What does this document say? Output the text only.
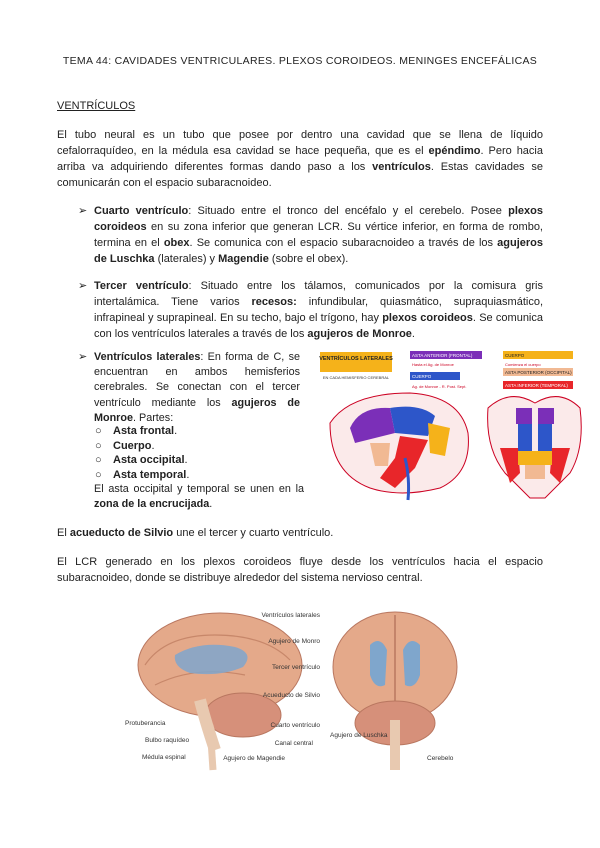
TEMA 44: CAVIDADES VENTRICULARES. PLEXOS COROIDEOS. MENINGES ENCEFÁLICAS
VENTRÍCULOS

El tubo neural es un tubo que posee por dentro una cavidad que se llena de líquido cefalorraquídeo, en la médula esa cavidad se hace pequeña, que es el epéndimo. Pero hacia arriba va adquiriendo diferentes formas dando paso a los ventrículos. Estas cavidades se comunicarán con el espacio subaracnoideo.

➢ Cuarto ventrículo: Situado entre el tronco del encéfalo y el cerebelo. Posee plexos coroideos en su zona inferior que generan LCR. Su vértice inferior, en forma de rombo, termina en el obex. Se comunica con el espacio subaracnoideo a través de los agujeros de Luschka (laterales) y Magendie (sobre el obex).
➢ Tercer ventrículo: Situado entre los tálamos, comunicados por la comisura gris intertalámica. Tiene varios recesos: infundibular, quiasmático, supraquiasmático, infrapineal y suprapineal. En su techo, bajo el trígono, hay plexos coroideos. Se comunica con los ventrículos laterales a través de los agujeros de Monroe.
➢ Ventrículos laterales: En forma de C, se encuentran en ambos hemisferios cerebrales. Se conectan con el tercer ventrículo mediante los agujeros de Monroe. Partes:
○ Asta frontal.
○ Cuerpo.
○ Asta occipital.
○ Asta temporal.

El asta occipital y temporal se unen en la zona de la encrucijada.

El acueducto de Silvio une el tercer y cuarto ventrículo.

El LCR generado en los plexos coroideos fluye desde los ventrículos hacia el espacio subaracnoideo, donde se distribuye alrededor del sistema nervioso central.

VENTRÍCULOS LATERALES
EN CADA HEMISFERIO CEREBRAL
ASTA ANTERIOR (FRONTAL)
Hasta el Ag. de Monroe
CUERPO
Ag. de Monroe - R. Post. Sept.
CUERPO
Comienza el cuerpo
ASTA POSTERIOR (OCCIPITAL)
ASTA INFERIOR (TEMPORAL)
Ventrículos laterales
Agujero de Monro
Tercer ventrículo
Acueducto de Silvio
Cuarto ventrículo
Canal central
Agujero de Magendie
Agujero de Luschka
Protuberancia
Bulbo raquídeo
Médula espinal	Cerebelo
